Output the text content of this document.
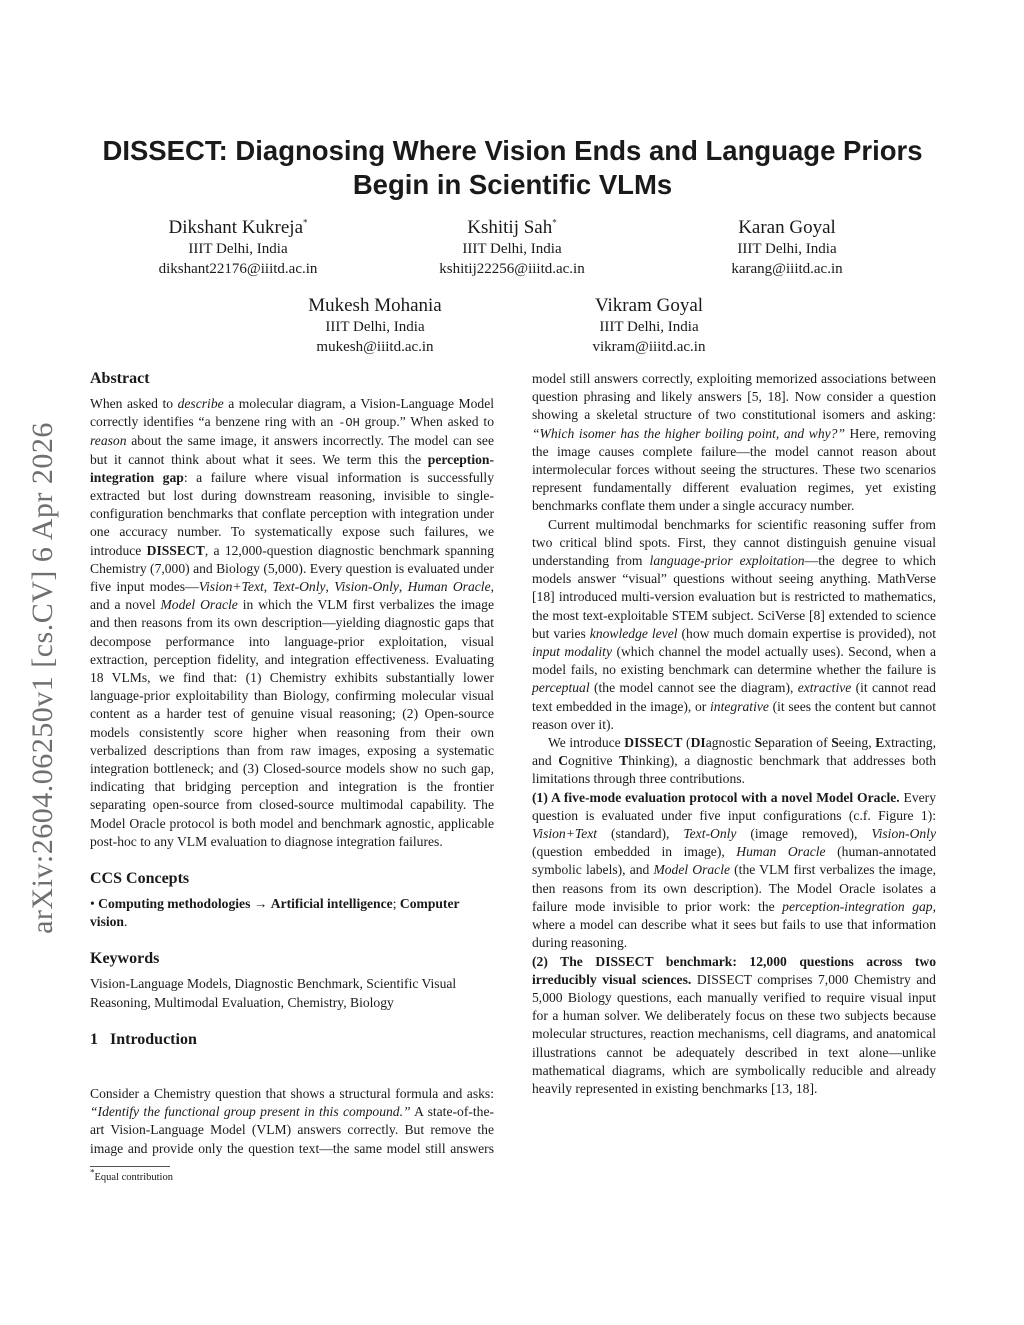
arXiv:2604.06250v1 [cs.CV] 6 Apr 2026
DISSECT: Diagnosing Where Vision Ends and Language Priors Begin in Scientific VLMs
Dikshant Kukreja*
IIIT Delhi, India
dikshant22176@iiitd.ac.in
Kshitij Sah*
IIIT Delhi, India
kshitij22256@iiitd.ac.in
Karan Goyal
IIIT Delhi, India
karang@iiitd.ac.in
Mukesh Mohania
IIIT Delhi, India
mukesh@iiitd.ac.in
Vikram Goyal
IIIT Delhi, India
vikram@iiitd.ac.in
Abstract

When asked to describe a molecular diagram, a Vision-Language Model correctly identifies “a benzene ring with an -OH group.” When asked to reason about the same image, it answers incorrectly. The model can see but it cannot think about what it sees. We term this the perception-integration gap: a failure where visual information is successfully extracted but lost during downstream reasoning, invisible to single-configuration benchmarks that conflate perception with integration under one accuracy number. To systematically expose such failures, we introduce DISSECT, a 12,000-question diagnostic benchmark spanning Chemistry (7,000) and Biology (5,000). Every question is evaluated under five input modes—Vision+Text, Text-Only, Vision-Only, Human Oracle, and a novel Model Oracle in which the VLM first verbalizes the image and then reasons from its own description—yielding diagnostic gaps that decompose performance into language-prior exploitation, visual extraction, perception fidelity, and integration effectiveness. Evaluating 18 VLMs, we find that: (1) Chemistry exhibits substantially lower language-prior exploitability than Biology, confirming molecular visual content as a harder test of genuine visual reasoning; (2) Open-source models consistently score higher when reasoning from their own verbalized descriptions than from raw images, exposing a systematic integration bottleneck; and (3) Closed-source models show no such gap, indicating that bridging perception and integration is the frontier separating open-source from closed-source multimodal capability. The Model Oracle protocol is both model and benchmark agnostic, applicable post-hoc to any VLM evaluation to diagnose integration failures.

CCS Concepts

• Computing methodologies → Artificial intelligence; Computer vision.

Keywords

Vision-Language Models, Diagnostic Benchmark, Scientific Visual Reasoning, Multimodal Evaluation, Chemistry, Biology

1   Introduction

Consider a Chemistry question that shows a structural formula and asks: “Identify the functional group present in this compound.” A state-of-the-art Vision-Language Model (VLM) answers correctly. But remove the image and provide only the question text—the same model still answers

model still answers correctly, exploiting memorized associations between question phrasing and likely answers [5, 18]. Now consider a question showing a skeletal structure of two constitutional isomers and asking: “Which isomer has the higher boiling point, and why?” Here, removing the image causes complete failure—the model cannot reason about intermolecular forces without seeing the structures. These two scenarios represent fundamentally different evaluation regimes, yet existing benchmarks conflate them under a single accuracy number.

Current multimodal benchmarks for scientific reasoning suffer from two critical blind spots. First, they cannot distinguish genuine visual understanding from language-prior exploitation—the degree to which models answer “visual” questions without seeing anything. MathVerse [18] introduced multi-version evaluation but is restricted to mathematics, the most text-exploitable STEM subject. SciVerse [8] extended to science but varies knowledge level (how much domain expertise is provided), not input modality (which channel the model actually uses). Second, when a model fails, no existing benchmark can determine whether the failure is perceptual (the model cannot see the diagram), extractive (it cannot read text embedded in the image), or integrative (it sees the content but cannot reason over it).

We introduce DISSECT (DIagnostic Separation of Seeing, Extracting, and Cognitive Thinking), a diagnostic benchmark that addresses both limitations through three contributions.

(1) A five-mode evaluation protocol with a novel Model Oracle. Every question is evaluated under five input configurations (c.f. Figure 1): Vision+Text (standard), Text-Only (image removed), Vision-Only (question embedded in image), Human Oracle (human-annotated symbolic labels), and Model Oracle (the VLM first verbalizes the image, then reasons from its own description). The Model Oracle isolates a failure mode invisible to prior work: the perception-integration gap, where a model can describe what it sees but fails to use that information during reasoning.

(2) The DISSECT benchmark: 12,000 questions across two irreducibly visual sciences. DISSECT comprises 7,000 Chemistry and 5,000 Biology questions, each manually verified to require visual input for a human solver. We deliberately focus on these two subjects because molecular structures, reaction mechanisms, cell diagrams, and anatomical illustrations cannot be adequately described in text alone—unlike mathematical diagrams, which are symbolically reducible and already heavily represented in existing benchmarks [13, 18].

*Equal contribution
